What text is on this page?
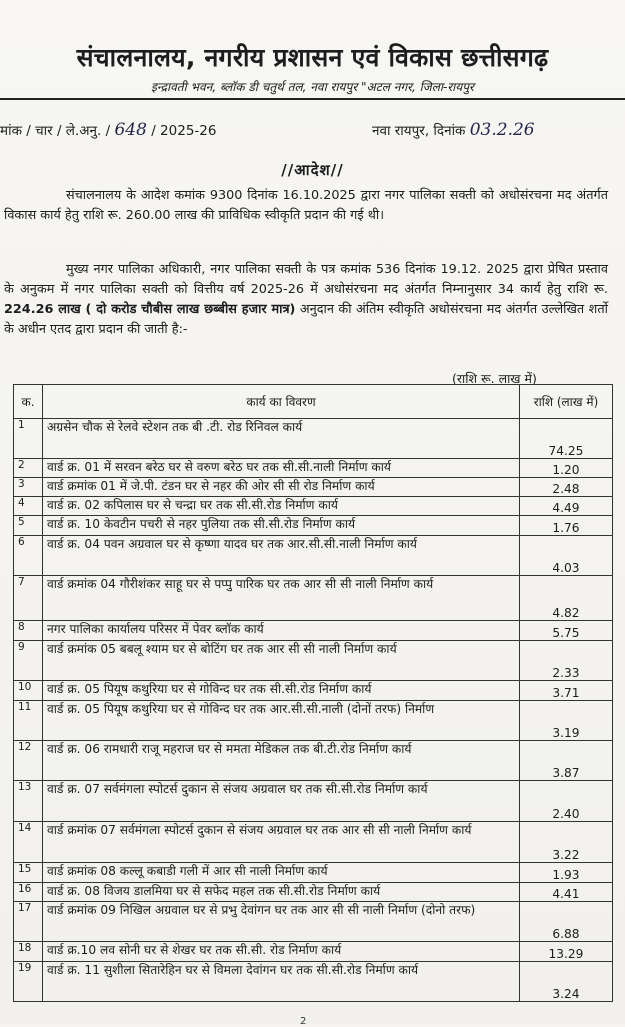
संचालनालय, नगरीय प्रशासन एवं विकास छत्तीसगढ़
इन्द्रावती भवन, ब्लॉक डी चतुर्थ तल, नवा रायपुर "अटल नगर, जिला-रायपुर
मांक / चार / ले.अनु. / 648 / 2025-26	नवा रायपुर, दिनांक 03.2.26
//आदेश//
संचालनालय के आदेश कमांक 9300 दिनांक 16.10.2025 द्वारा नगर पालिका सक्ती को अधोसंरचना मद अंतर्गत विकास कार्य हेतु राशि रू. 260.00 लाख की प्राविधिक स्वीकृति प्रदान की गई थी।
मुख्य नगर पालिका अधिकारी, नगर पालिका सक्ती के पत्र कमांक 536 दिनांक 19.12. 2025 द्वारा प्रेषित प्रस्ताव के अनुकम में नगर पालिका सक्ती को वित्तीय वर्ष 2025-26 में अधोसंरचना मद अंतर्गत निम्नानुसार 34 कार्य हेतु राशि रू. 224.26 लाख ( दो करोड चौबीस लाख छब्बीस हजार मात्र) अनुदान की अंतिम स्वीकृति अधोसंरचना मद अंतर्गत उल्लेखित शर्तो के अधीन एतद द्वारा प्रदान की जाती है:-
(राशि रू. लाख में)
क.	कार्य का विवरण	राशि (लाख में)
1	अग्रसेन चौक से रेलवे स्टेशन तक बी .टी. रोड रिनिवल कार्य	74.25
2	वार्ड क्र. 01 में सरवन बरेठ घर से वरुण बरेठ घर तक सी.सी.नाली निर्माण कार्य	1.20
3	वार्ड क्रमांक 01 में जे.पी. टंडन घर से नहर की ओर सी सी रोड निर्माण कार्य	2.48
4	वार्ड क्र. 02 कपिलास घर से चन्द्रा घर तक सी.सी.रोड निर्माण कार्य	4.49
5	वार्ड क्र. 10 केवटीन पचरी से नहर पुलिया तक सी.सी.रोड निर्माण कार्य	1.76
6	वार्ड क्र. 04 पवन अग्रवाल घर से कृष्णा यादव घर तक आर.सी.सी.नाली निर्माण कार्य	4.03
7	वार्ड क्रमांक 04 गौरीशंकर साहू घर से पप्पु पारिक घर तक आर सी सी नाली निर्माण कार्य	4.82
8	नगर पालिका कार्यालय परिसर में पेवर ब्लॉक कार्य	5.75
9	वार्ड क्रमांक 05 बबलू श्याम घर से बोटिंग घर तक आर सी सी नाली निर्माण कार्य	2.33
10	वार्ड क्र. 05 पियूष कथुरिया घर से गोविन्द घर तक सी.सी.रोड निर्माण कार्य	3.71
11	वार्ड क्र. 05 पियूष कथुरिया घर से गोविन्द घर तक आर.सी.सी.नाली (दोनों तरफ) निर्माण	3.19
12	वार्ड क्र. 06 रामधारी राजू महराज घर से ममता मेडिकल तक बी.टी.रोड निर्माण कार्य	3.87
13	वार्ड क्र. 07 सर्वमंगला स्पोटर्स दुकान से संजय अग्रवाल घर तक सी.सी.रोड निर्माण कार्य	2.40
14	वार्ड क्रमांक 07 सर्वमंगला स्पोटर्स दुकान से संजय अग्रवाल घर तक आर सी सी नाली निर्माण कार्य	3.22
15	वार्ड क्रमांक 08 कल्लू कबाडी गली में आर सी नाली निर्माण कार्य	1.93
16	वार्ड क्र. 08 विजय डालमिया घर से सफेद महल तक सी.सी.रोड निर्माण कार्य	4.41
17	वार्ड क्रमांक 09 निखिल अग्रवाल घर से प्रभु देवांगन घर तक आर सी सी नाली निर्माण (दोनो तरफ)	6.88
18	वार्ड क्र.10 लव सोनी घर से शेखर घर तक सी.सी. रोड निर्माण कार्य	13.29
19	वार्ड क्र. 11 सुशीला सितारेहिन घर से विमला देवांगन घर तक सी.सी.रोड निर्माण कार्य	3.24
2
